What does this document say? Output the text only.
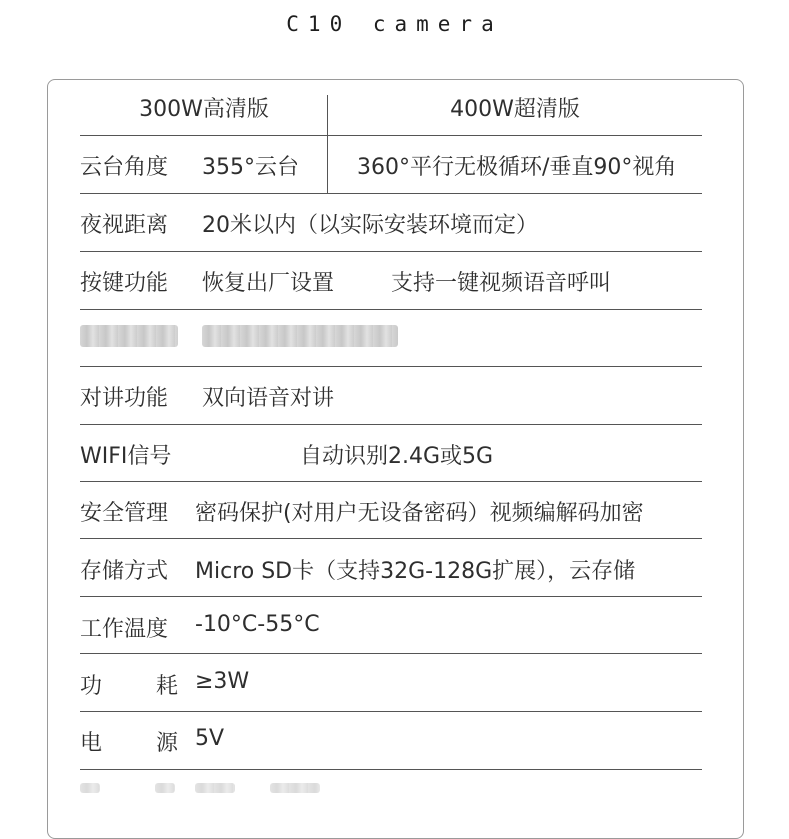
C10 camera
300W高清版	400W超清版
云台角度 355°云台	360°平行无极循环/垂直90°视角
夜视距离 20米以内（以实际安装环境而定）
按键功能 恢复出厂设置	支持一键视频语音呼叫
对讲功能 双向语音对讲
WIFI信号	自动识别2.4G或5G
安全管理 密码保护(对用户无设备密码）视频编解码加密
存储方式 Micro SD卡（支持32G-128G扩展），云存储
工作温度 -10°C-55°C
功 耗 ≥3W
电 源 5V
